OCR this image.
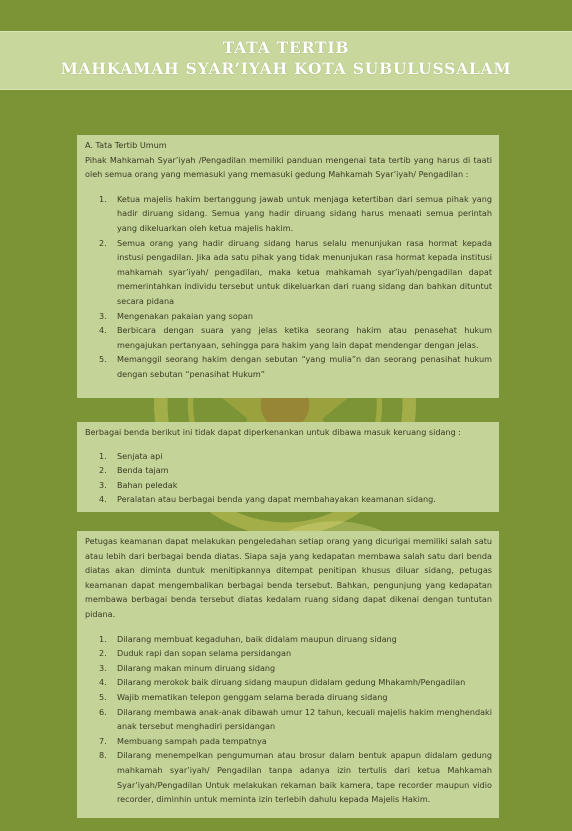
TATA TERTIB
MAHKAMAH SYAR’IYAH KOTA SUBULUSSALAM
A. Tata Tertib Umum

Pihak Mahkamah Syar’iyah /Pengadilan memiliki panduan mengenai tata tertib yang harus di taati oleh semua orang yang memasuki yang memasuki gedung Mahkamah Syar’iyah/ Pengadilan :

1.	Ketua majelis hakim bertanggung jawab untuk menjaga ketertiban dari semua pihak yang hadir diruang sidang. Semua yang hadir diruang sidang harus menaati semua perintah yang dikeluarkan oleh ketua majelis hakim.
2.	Semua orang yang hadir diruang sidang harus selalu menunjukan rasa hormat kepada instusi pengadilan. Jika ada satu pihak yang tidak menunjukan rasa hormat kepada institusi mahkamah syar’iyah/ pengadilan, maka ketua mahkamah syar’iyah/pengadilan dapat memerintahkan individu tersebut untuk dikeluarkan dari ruang sidang dan bahkan dituntut secara pidana
3.	Mengenakan pakaian yang sopan
4.	Berbicara dengan suara yang jelas ketika seorang hakim atau penasehat hukum mengajukan pertanyaan, sehingga para hakim yang lain dapat mendengar dengan jelas.
5.	Memanggil seorang hakim dengan sebutan “yang mulia”n dan seorang penasihat hukum dengan sebutan “penasihat Hukum”

Berbagai benda berikut ini tidak dapat diperkenankan untuk dibawa masuk keruang sidang :

1.	Senjata api
2.	Benda tajam
3.	Bahan peledak
4.	Peralatan atau berbagai benda yang dapat membahayakan keamanan sidang.

Petugas keamanan dapat melakukan pengeledahan setiap orang yang dicurigai memiliki salah satu atau lebih dari berbagai benda diatas. Siapa saja yang kedapatan membawa salah satu dari benda diatas akan diminta duntuk menitipkannya ditempat penitipan khusus diluar sidang, petugas keamanan dapat mengembalikan berbagai benda tersebut. Bahkan, pengunjung yang kedapatan membawa berbagai benda tersebut diatas kedalam ruang sidang dapat dikenai dengan tuntutan pidana.

1.	Dilarang membuat kegaduhan, baik didalam maupun diruang sidang
2.	Duduk rapi dan sopan selama persidangan
3.	Dilarang makan minum diruang sidang
4.	Dilarang merokok baik diruang sidang maupun didalam gedung Mhakamh/Pengadilan
5.	Wajib mematikan telepon genggam selama berada diruang sidang
6.	Dilarang membawa anak-anak dibawah umur 12 tahun, kecuali majelis hakim menghendaki anak tersebut menghadiri persidangan
7.	Membuang sampah pada tempatnya
8.	Dilarang menempelkan pengumuman atau brosur dalam bentuk apapun didalam gedung mahkamah syar’iyah/ Pengadilan tanpa adanya izin tertulis dari ketua Mahkamah Syar’iyah/Pengadilan Untuk melakukan rekaman baik kamera, tape recorder maupun vidio recorder, diminhin untuk meminta izin terlebih dahulu kepada Majelis Hakim.
